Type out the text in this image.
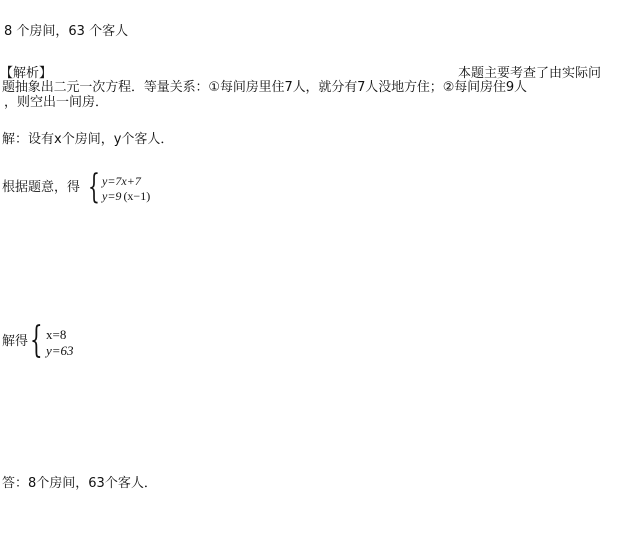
8 个房间，63 个客人
【解析】	本题主要考查了由实际问
题抽象出二元一次方程．等量关系：①每间房里住7人，就分有7人没地方住；②每间房住9人
，则空出一间房．
解：设有x个房间，y个客人．
根据题意，得 { y=7x+7
y=9 (x−1)
解得 { x=8
y=63
答：8个房间，63个客人．
